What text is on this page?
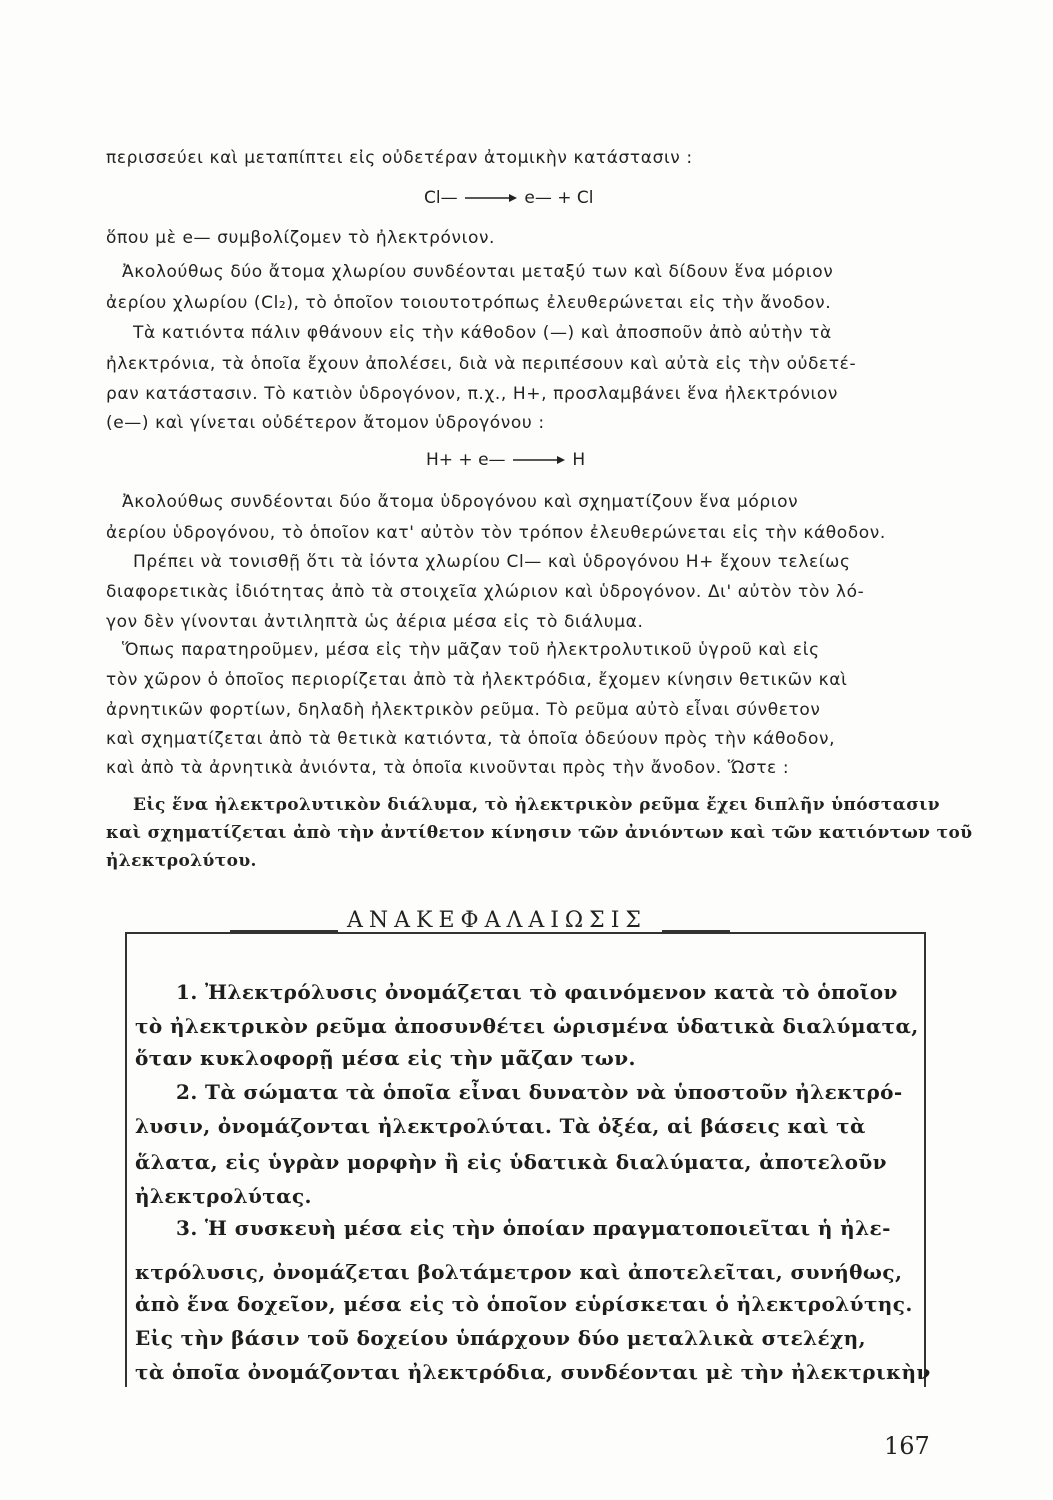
περισσεύει καὶ μεταπίπτει εἰς οὐδετέραν ἀτομικὴν κατάστασιν :
Cl— → e— + Cl
ὅπου μὲ e— συμβολίζομεν τὸ ἠλεκτρόνιον.
Ἀκολούθως δύο ἄτομα χλωρίου συνδέονται μεταξύ των καὶ δίδουν ἕνα μόριον
ἀερίου χλωρίου (Cl₂), τὸ ὁποῖον τοιουτοτρόπως ἐλευθερώνεται εἰς τὴν ἄνοδον.
Τὰ κατιόντα πάλιν φθάνουν εἰς τὴν κάθοδον (—) καὶ ἀποσποῦν ἀπὸ αὐτὴν τὰ
ἠλεκτρόνια, τὰ ὁποῖα ἔχουν ἀπολέσει, διὰ νὰ περιπέσουν καὶ αὐτὰ εἰς τὴν οὐδετέ-
ραν κατάστασιν. Τὸ κατιὸν ὑδρογόνον, π.χ., H+, προσλαμβάνει ἕνα ἠλεκτρόνιον
(e—) καὶ γίνεται οὐδέτερον ἄτομον ὑδρογόνου :
H+ + e— → H
Ἀκολούθως συνδέονται δύο ἄτομα ὑδρογόνου καὶ σχηματίζουν ἕνα μόριον
ἀερίου ὑδρογόνου, τὸ ὁποῖον κατ' αὐτὸν τὸν τρόπον ἐλευθερώνεται εἰς τὴν κάθοδον.
Πρέπει νὰ τονισθῇ ὅτι τὰ ἰόντα χλωρίου Cl— καὶ ὑδρογόνου H+ ἔχουν τελείως
διαφορετικὰς ἰδιότητας ἀπὸ τὰ στοιχεῖα χλώριον καὶ ὑδρογόνον. Δι' αὐτὸν τὸν λό-
γον δὲν γίνονται ἀντιληπτὰ ὡς ἀέρια μέσα εἰς τὸ διάλυμα.
Ὅπως παρατηροῦμεν, μέσα εἰς τὴν μᾶζαν τοῦ ἠλεκτρολυτικοῦ ὑγροῦ καὶ εἰς
τὸν χῶρον ὁ ὁποῖος περιορίζεται ἀπὸ τὰ ἠλεκτρόδια, ἔχομεν κίνησιν θετικῶν καὶ
ἀρνητικῶν φορτίων, δηλαδὴ ἠλεκτρικὸν ρεῦμα. Τὸ ρεῦμα αὐτὸ εἶναι σύνθετον
καὶ σχηματίζεται ἀπὸ τὰ θετικὰ κατιόντα, τὰ ὁποῖα ὁδεύουν πρὸς τὴν κάθοδον,
καὶ ἀπὸ τὰ ἀρνητικὰ ἀνιόντα, τὰ ὁποῖα κινοῦνται πρὸς τὴν ἄνοδον. Ὥστε :
Εἰς ἕνα ἠλεκτρολυτικὸν διάλυμα, τὸ ἠλεκτρικὸν ρεῦμα ἔχει διπλῆν ὑπόστασιν
καὶ σχηματίζεται ἀπὸ τὴν ἀντίθετον κίνησιν τῶν ἀνιόντων καὶ τῶν κατιόντων τοῦ
ἠλεκτρολύτου.
ΑΝΑΚΕΦΑΛΑΙΩΣΙΣ
1. Ἠλεκτρόλυσις ὀνομάζεται τὸ φαινόμενον κατὰ τὸ ὁποῖον
τὸ ἠλεκτρικὸν ρεῦμα ἀποσυνθέτει ὡρισμένα ὑδατικὰ διαλύματα,
ὅταν κυκλοφορῇ μέσα εἰς τὴν μᾶζαν των.
2. Τὰ σώματα τὰ ὁποῖα εἶναι δυνατὸν νὰ ὑποστοῦν ἠλεκτρό-
λυσιν, ὀνομάζονται ἠλεκτρολύται. Τὰ ὀξέα, αἱ βάσεις καὶ τὰ
ἅλατα, εἰς ὑγρὰν μορφὴν ἢ εἰς ὑδατικὰ διαλύματα, ἀποτελοῦν
ἠλεκτρολύτας.
3. Ἡ συσκευὴ μέσα εἰς τὴν ὁποίαν πραγματοποιεῖται ἡ ἠλε-
κτρόλυσις, ὀνομάζεται βολτάμετρον καὶ ἀποτελεῖται, συνήθως,
ἀπὸ ἕνα δοχεῖον, μέσα εἰς τὸ ὁποῖον εὑρίσκεται ὁ ἠλεκτρολύτης.
Εἰς τὴν βάσιν τοῦ δοχείου ὑπάρχουν δύο μεταλλικὰ στελέχη,
τὰ ὁποῖα ὀνομάζονται ἠλεκτρόδια, συνδέονται μὲ τὴν ἠλεκτρικὴν
167
